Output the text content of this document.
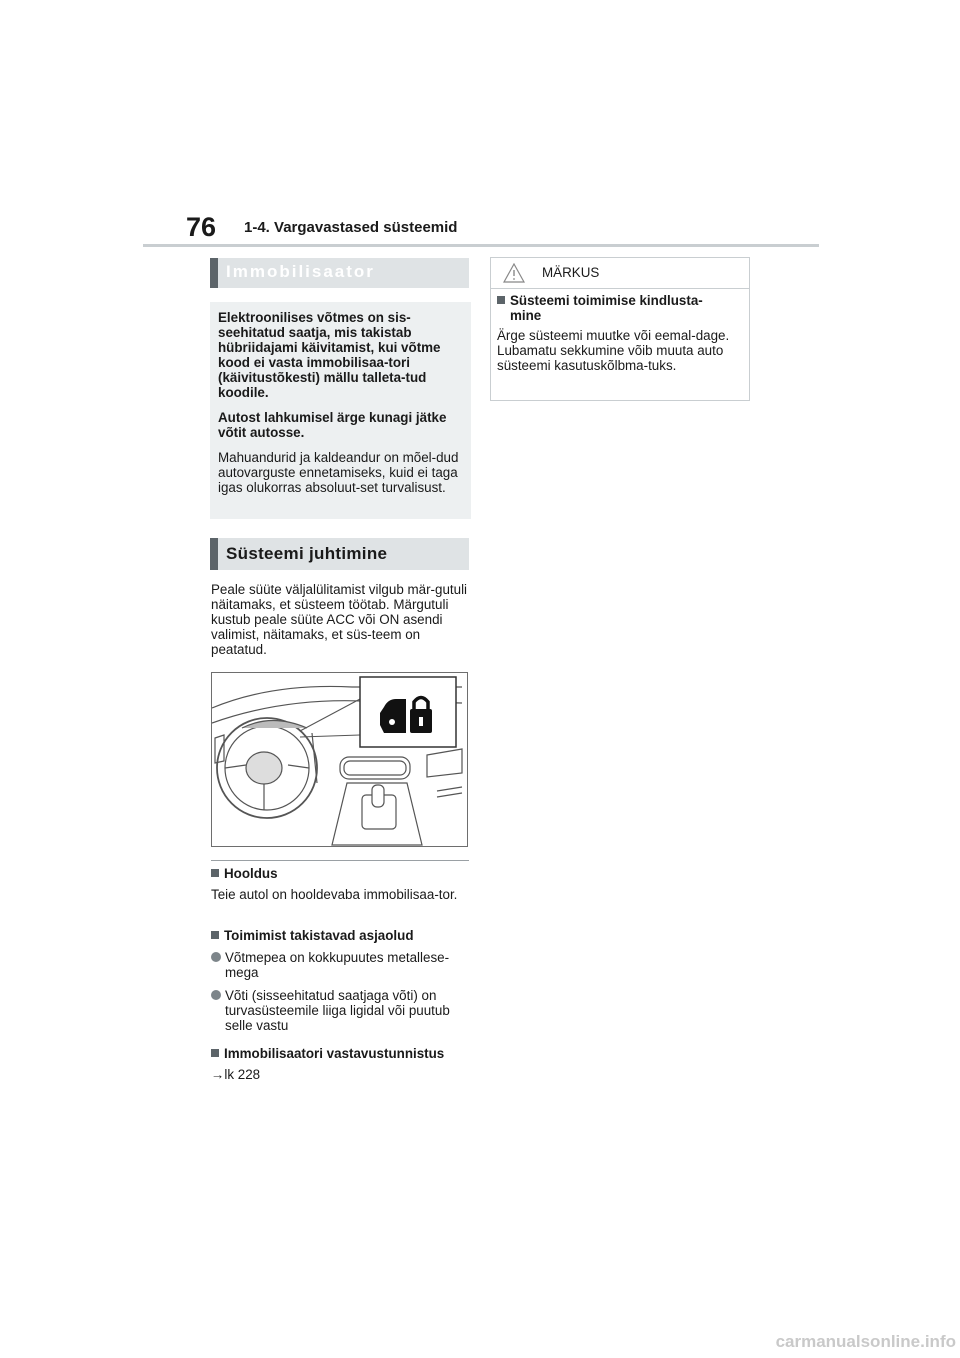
76 1-4. Vargavastased süsteemid
Immobilisaator

Elektroonilises võtmes on sis-seehitatud saatja, mis takistab hübriidajami käivitamist, kui võtme kood ei vasta immobilisaa-tori (käivitustõkesti) mällu talleta-tud koodile.

Autost lahkumisel ärge kunagi jätke võtit autosse.

Mahuandurid ja kaldeandur on mõel-dud autovarguste ennetamiseks, kuid ei taga igas olukorras absoluut-set turvalisust.

Süsteemi juhtimine
Peale süüte väljalülitamist vilgub mär-gutuli näitamaks, et süsteem töötab. Märgutuli kustub peale süüte ACC või ON asendi valimist, näitamaks, et süs-teem on peatatud.
Hooldus
Teie autol on hooldevaba immobilisaa-tor.
Toimimist takistavad asjaolud
Võtmepea on kokkupuutes metallese-mega
Võti (sisseehitatud saatjaga võti) on turvasüsteemile liiga ligidal või puutub selle vastu
Immobilisaatori vastavustunnistus
→lk 228
MÄRKUS
Süsteemi toimimise kindlusta-mine
Ärge süsteemi muutke või eemal-dage. Lubamatu sekkumine võib muuta auto süsteemi kasutuskõlbma-tuks.
carmanualsonline.info
